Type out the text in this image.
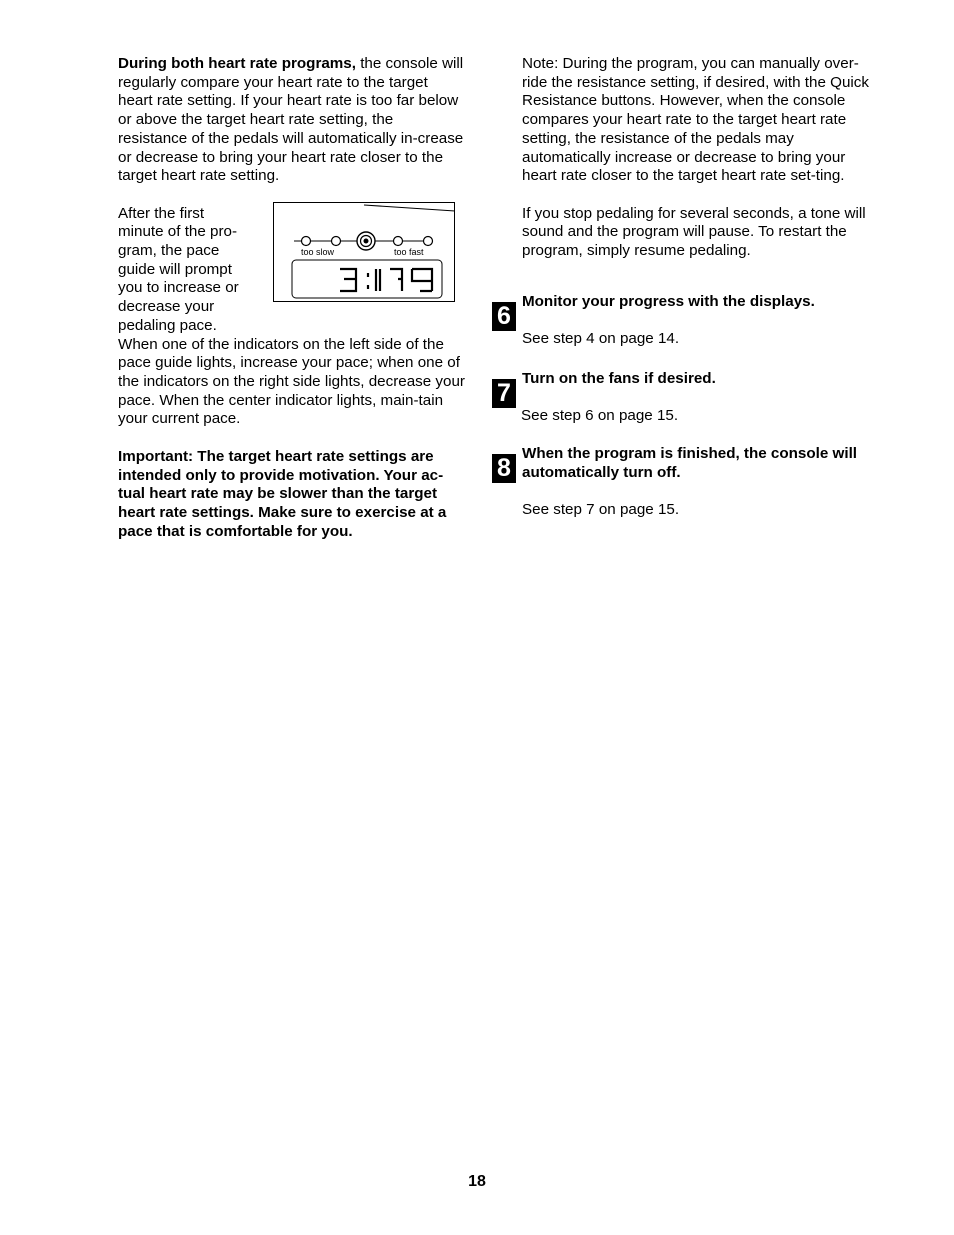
During both heart rate programs, the console will regularly compare your heart rate to the target heart rate setting. If your heart rate is too far below or above the target heart rate setting, the resistance of the pedals will automatically in-crease or decrease to bring your heart rate closer to the target heart rate setting.

After the first minute of the pro-gram, the pace guide will prompt you to increase or decrease your pedaling pace.

too slow	too fast

When one of the indicators on the left side of the pace guide lights, increase your pace; when one of the indicators on the right side lights, decrease your pace. When the center indicator lights, main-tain your current pace.

Important: The target heart rate settings are intended only to provide motivation. Your ac-tual heart rate may be slower than the target heart rate settings. Make sure to exercise at a pace that is comfortable for you.

Note: During the program, you can manually over-ride the resistance setting, if desired, with the Quick Resistance buttons. However, when the console compares your heart rate to the target heart rate setting, the resistance of the pedals may automatically increase or decrease to bring your heart rate closer to the target heart rate set-ting.

If you stop pedaling for several seconds, a tone will sound and the program will pause. To restart the program, simply resume pedaling.

6
Monitor your progress with the displays.
See step 4 on page 14.
7
Turn on the fans if desired.
See step 6 on page 15.
8
When the program is finished, the console will automatically turn off.
See step 7 on page 15.
18
